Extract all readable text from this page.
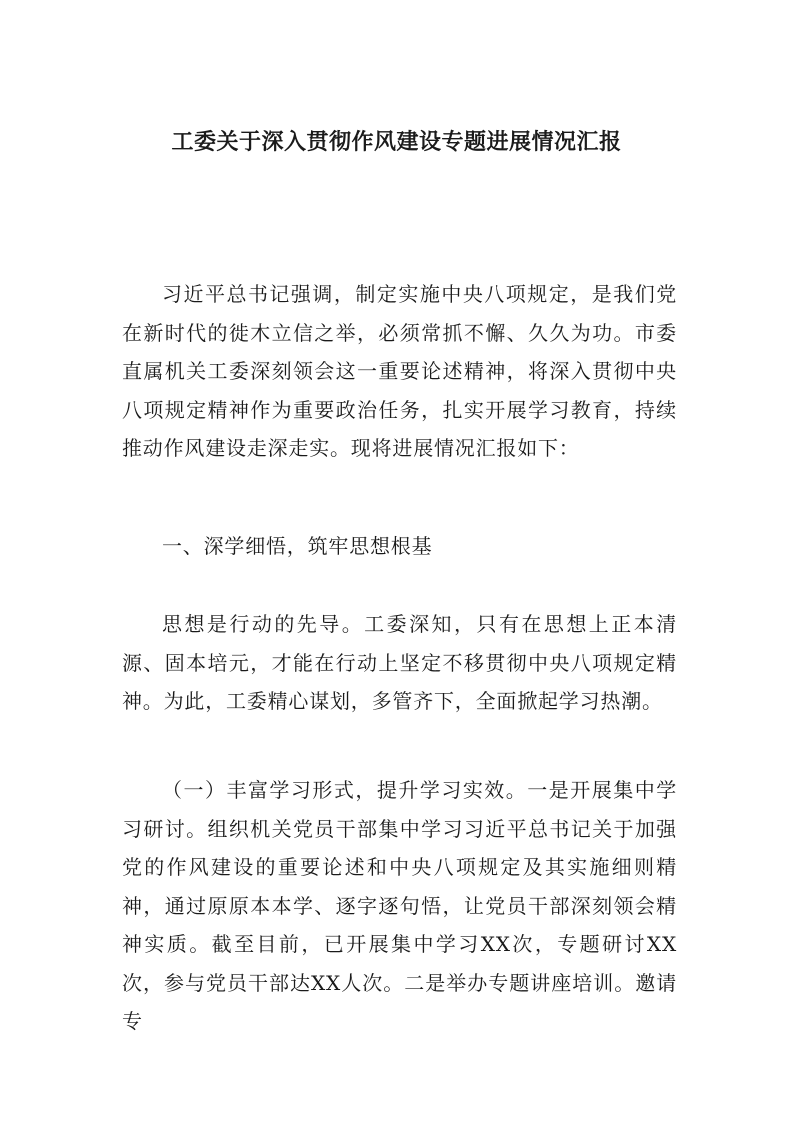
工委关于深入贯彻作风建设专题进展情况汇报

习近平总书记强调，制定实施中央八项规定，是我们党在新时代的徙木立信之举，必须常抓不懈、久久为功。市委直属机关工委深刻领会这一重要论述精神，将深入贯彻中央八项规定精神作为重要政治任务，扎实开展学习教育，持续推动作风建设走深走实。现将进展情况汇报如下：

一、深学细悟，筑牢思想根基

思想是行动的先导。工委深知，只有在思想上正本清源、固本培元，才能在行动上坚定不移贯彻中央八项规定精神。为此，工委精心谋划，多管齐下，全面掀起学习热潮。

（一）丰富学习形式，提升学习实效。一是开展集中学习研讨。组织机关党员干部集中学习习近平总书记关于加强党的作风建设的重要论述和中央八项规定及其实施细则精神，通过原原本本学、逐字逐句悟，让党员干部深刻领会精神实质。截至目前，已开展集中学习XX次，专题研讨XX次，参与党员干部达XX人次。二是举办专题讲座培训。邀请专
